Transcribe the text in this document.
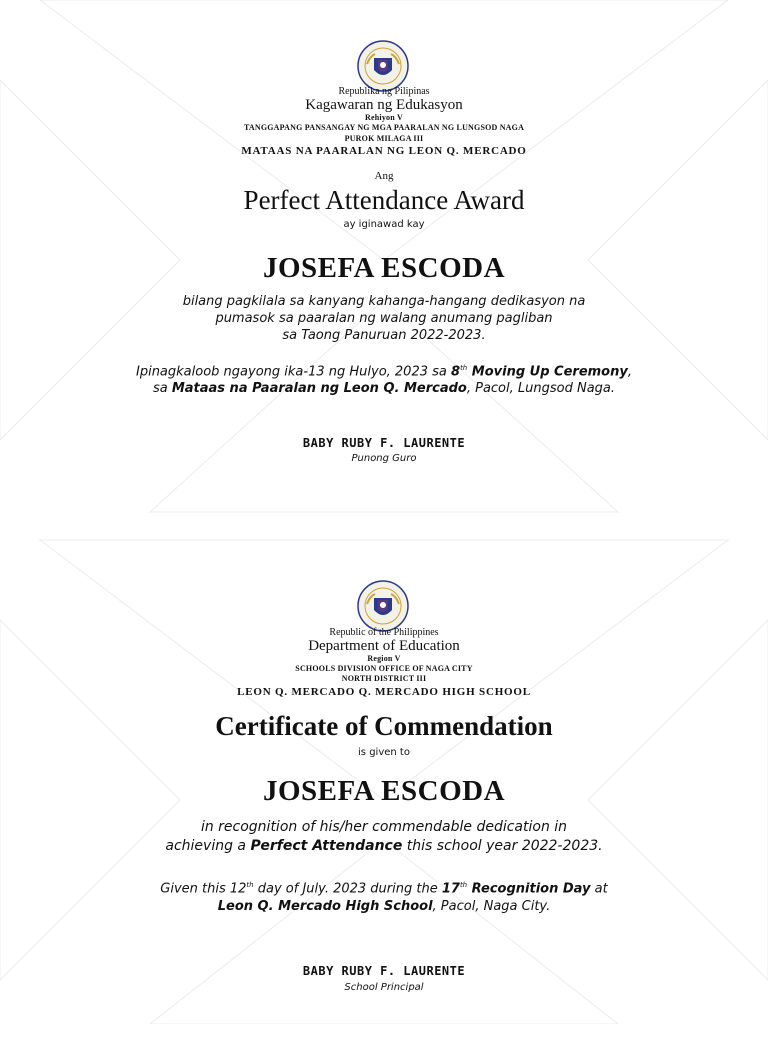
Republika ng Pilipinas
Kagawaran ng Edukasyon
Rehiyon V
TANGGAPANG PANSANGAY NG MGA PAARALAN NG LUNGSOD NAGA
PUROK MILAGA III
MATAAS NA PAARALAN NG LEON Q. MERCADO
Ang
Perfect Attendance Award
ay iginawad kay
JOSEFA ESCODA
bilang pagkilala sa kanyang kahanga-hangang dedikasyon na
pumasok sa paaralan ng walang anumang pagliban
sa Taong Panuruan 2022-2023.
Ipinagkaloob ngayong ika-13 ng Hulyo, 2023 sa 8th Moving Up Ceremony,
sa Mataas na Paaralan ng Leon Q. Mercado, Pacol, Lungsod Naga.
BABY RUBY F. LAURENTE
Punong Guro
Republic of the Philippines
Department of Education
Region V
SCHOOLS DIVISION OFFICE OF NAGA CITY
NORTH DISTRICT III
LEON Q. MERCADO Q. MERCADO HIGH SCHOOL
Certificate of Commendation
is given to
JOSEFA ESCODA
in recognition of his/her commendable dedication in
achieving a Perfect Attendance this school year 2022-2023.
Given this 12th day of July. 2023 during the 17th Recognition Day at
Leon Q. Mercado High School, Pacol, Naga City.
BABY RUBY F. LAURENTE
School Principal
